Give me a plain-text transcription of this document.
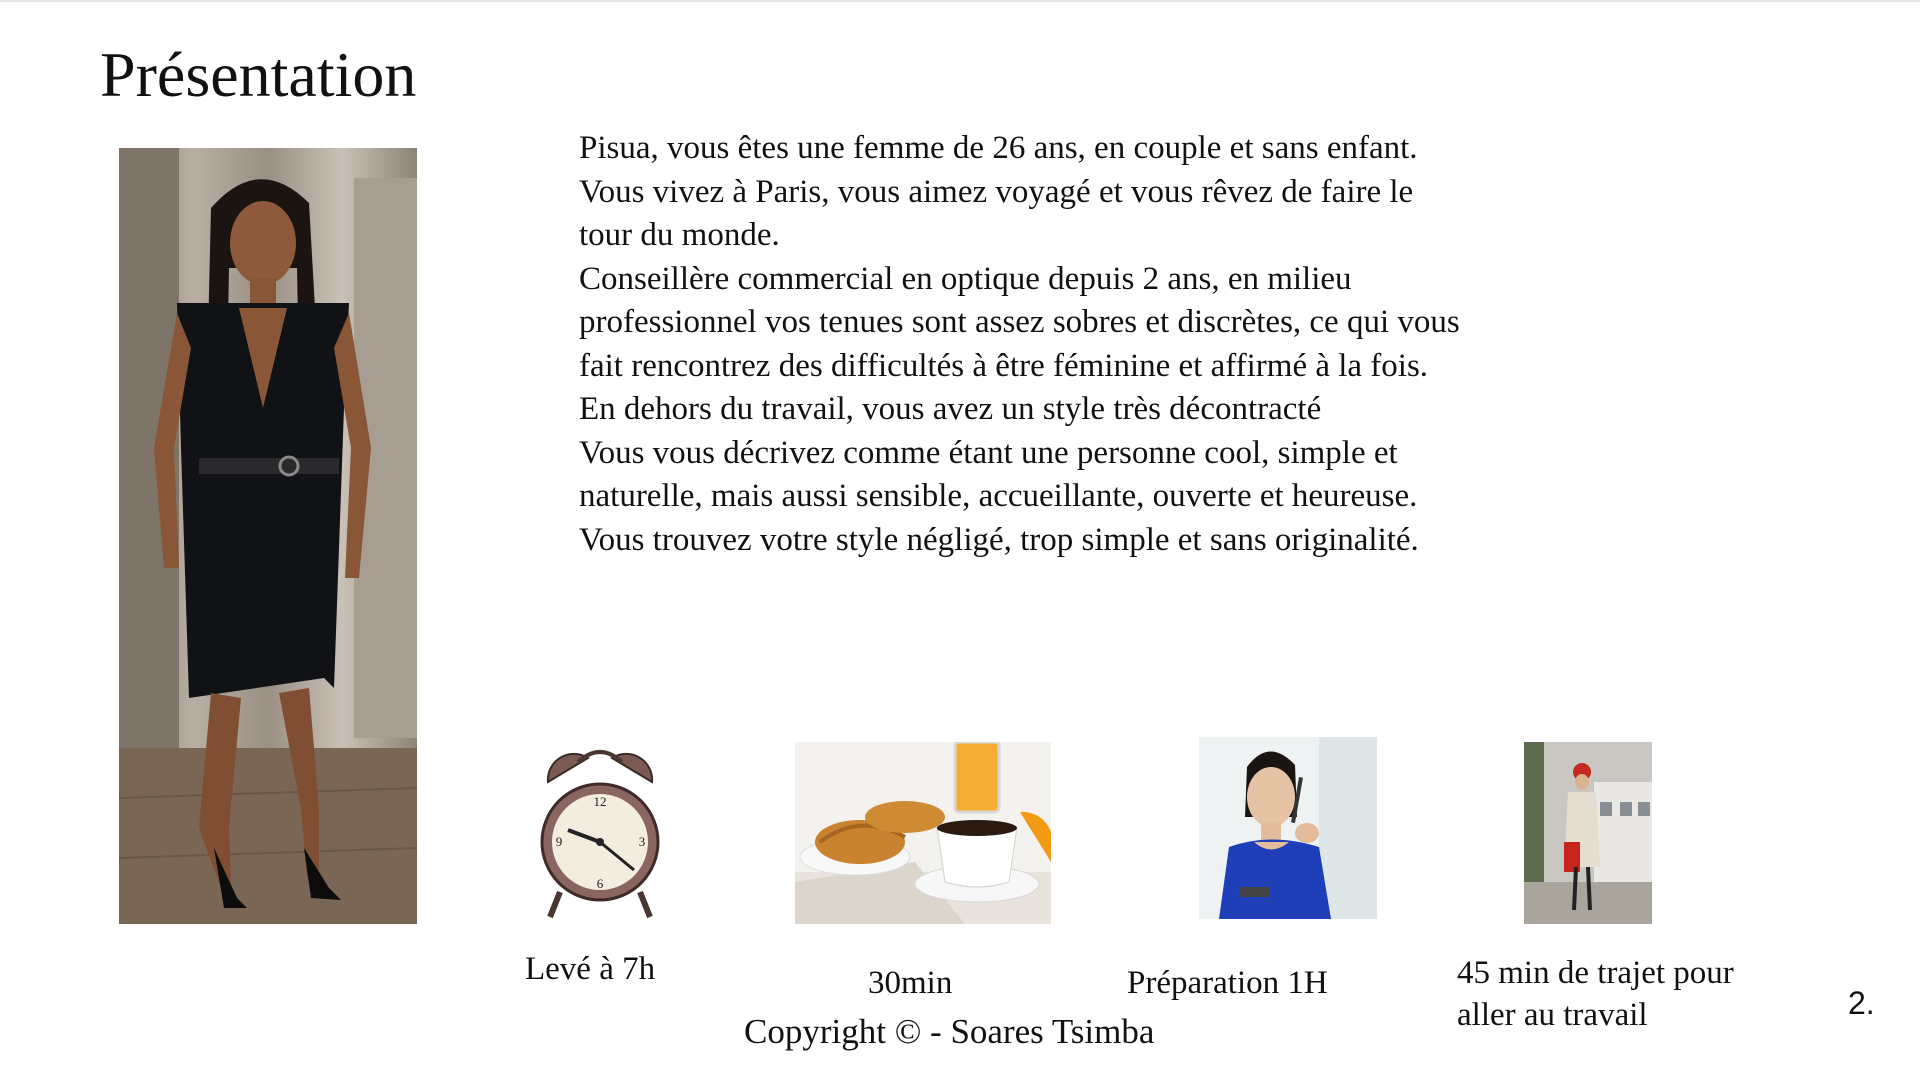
Présentation
Pisua, vous êtes une femme de 26 ans, en couple et sans enfant.
Vous vivez à Paris, vous aimez voyagé et vous rêvez de faire le
tour du monde.
Conseillère commercial en optique depuis 2 ans, en milieu
professionnel vos tenues sont assez sobres et discrètes, ce qui vous
fait rencontrez des difficultés à être féminine et affirmé à la fois.
En dehors du travail, vous avez un style très décontracté
Vous vous décrivez comme étant une personne cool, simple et
naturelle, mais aussi sensible, accueillante, ouverte et heureuse.
Vous trouvez votre style négligé, trop simple et sans originalité.
12
3
6
9
Levé à 7h	30min	Préparation 1H	45 min de trajet pour
aller au travail
Copyright © - Soares Tsimba
2.
